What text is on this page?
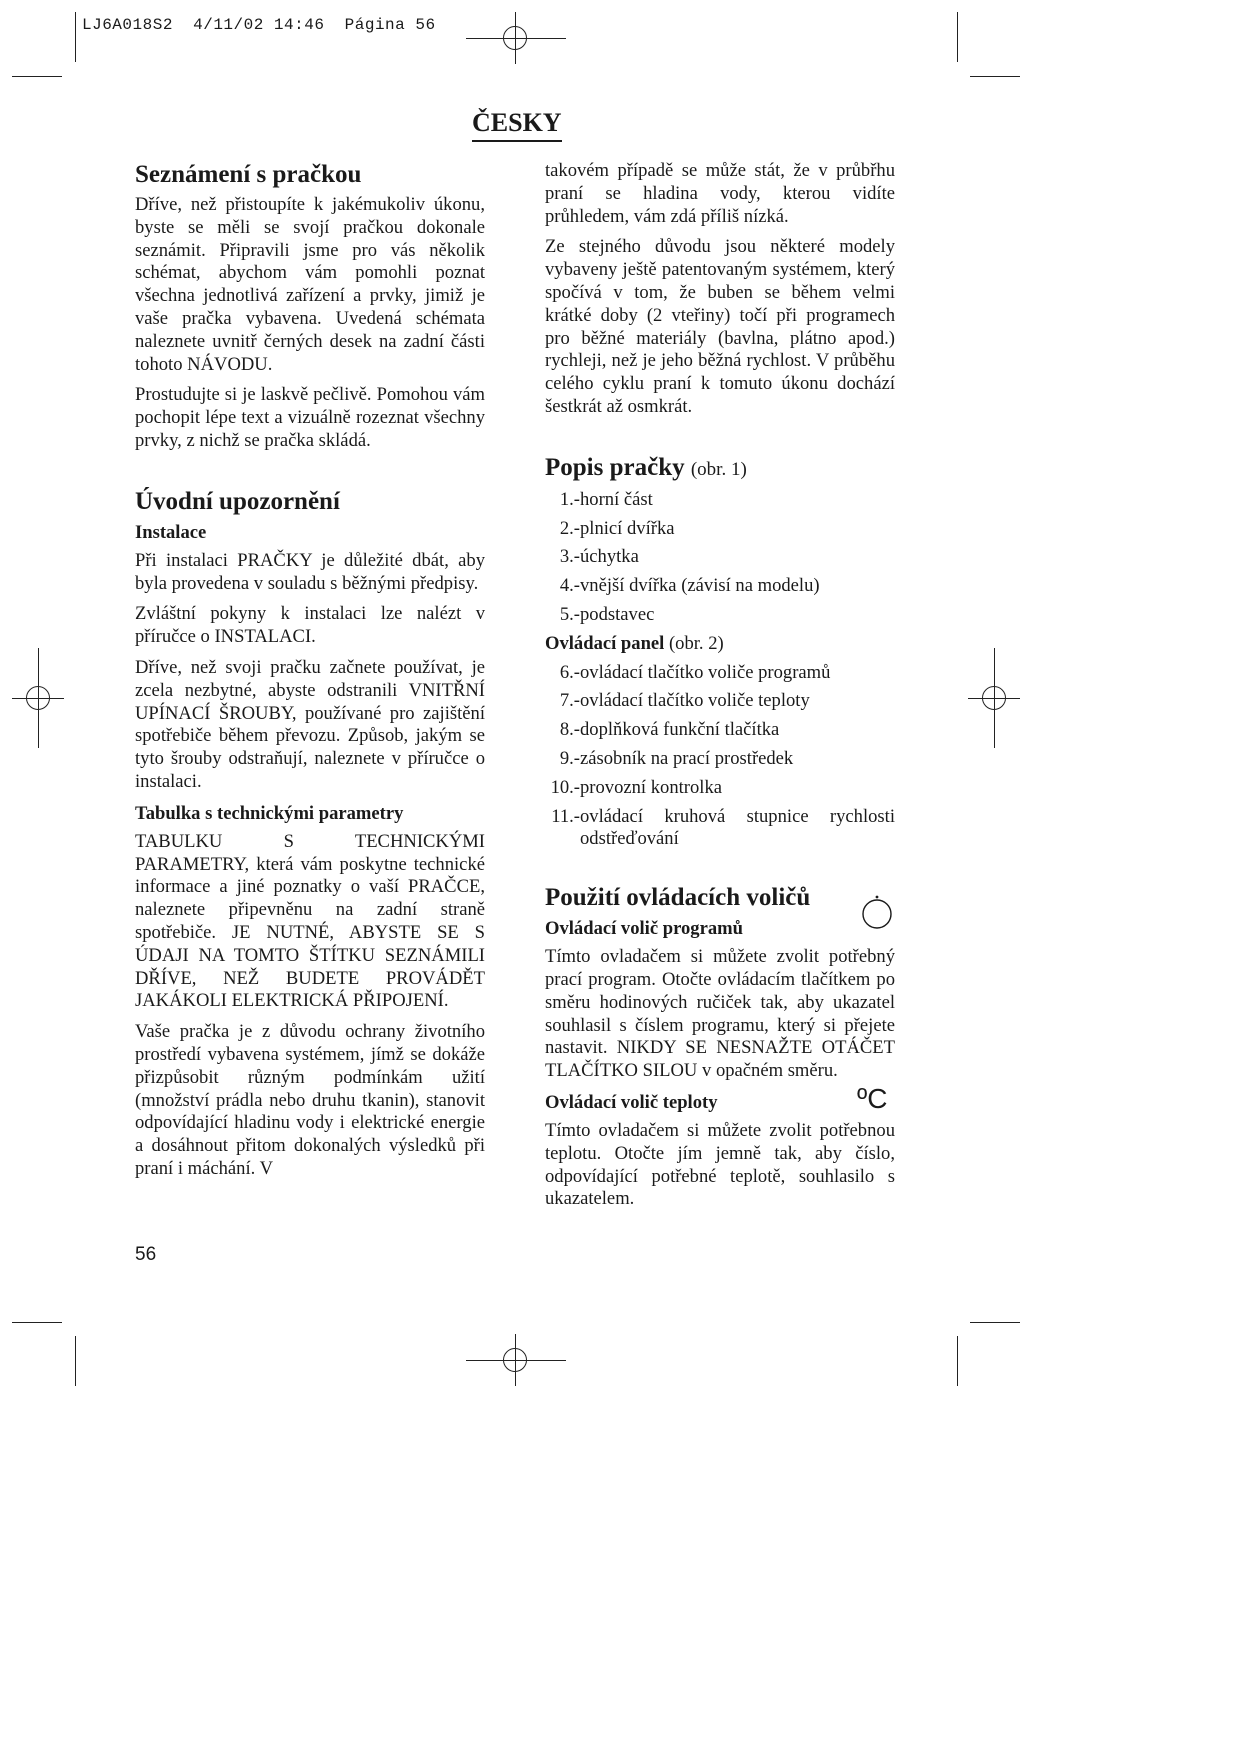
LJ6A018S2  4/11/02 14:46  Página 56
ČESKY
Seznámení s pračkou

Dříve, než přistoupíte k jakémukoliv úkonu, byste se měli se svojí pračkou dokonale seznámit. Připravili jsme pro vás několik schémat, abychom vám pomohli poznat všechna jednotlivá zařízení a prvky, jimiž je vaše pračka vybavena. Uvedená schémata naleznete uvnitř černých desek na zadní části tohoto NÁVODU.

Prostudujte si je laskvě pečlivě. Pomohou vám pochopit lépe text a vizuálně rozeznat všechny prvky, z nichž se pračka skládá.

Úvodní upozornění
Instalace

Při instalaci PRAČKY je důležité dbát, aby byla provedena v souladu s běžnými předpisy.

Zvláštní pokyny k instalaci lze nalézt v příručce o INSTALACI.

Dříve, než svoji pračku začnete používat, je zcela nezbytné, abyste odstranili VNITŘNÍ UPÍNACÍ ŠROUBY, používané pro zajištění spotřebiče během převozu. Způsob, jakým se tyto šrouby odstraňují, naleznete v příručce o instalaci.

Tabulka s technickými parametry

TABULKU S TECHNICKÝMI PARAMETRY, která vám poskytne technické informace a jiné poznatky o vaší PRAČCE, naleznete připevněnu na zadní straně spotřebiče. JE NUTNÉ, ABYSTE SE S ÚDAJI NA TOMTO ŠTÍTKU SEZNÁMILI DŘÍVE, NEŽ BUDETE PROVÁDĚT JAKÁKOLI ELEKTRICKÁ PŘIPOJENÍ.

Vaše pračka je z důvodu ochrany životního prostředí vybavena systémem, jímž se dokáže přizpůsobit různým podmínkám užití (množství prádla nebo druhu tkanin), stanovit odpovídající hladinu vody i elektrické energie a dosáhnout přitom dokonalých výsledků při praní i máchání. V

takovém případě se může stát, že v průbřhu praní se hladina vody, kterou vidíte průhledem, vám zdá příliš nízká.

Ze stejného důvodu jsou některé modely vybaveny ještě patentovaným systémem, který spočívá v tom, že buben se během velmi krátké doby (2 vteřiny) točí při programech pro běžné materiály (bavlna, plátno apod.) rychleji, než je jeho běžná rychlost. V průběhu celého cyklu praní k tomuto úkonu dochází šestkrát až osmkrát.

Popis pračky (obr. 1)
1.- horní část
2.- plnicí dvířka
3.- úchytka
4.- vnější dvířka (závisí na modelu)
5.- podstavec
Ovládací panel (obr. 2)
6.- ovládací tlačítko voliče programů
7.- ovládací tlačítko voliče teploty
8.- doplňková funkční tlačítka
9.- zásobník na prací prostředek
10.- provozní kontrolka
11.- ovládací kruhová stupnice rychlosti odstřeďování
Použití ovládacích voličů
Ovládací volič programů

Tímto ovladačem si můžete zvolit potřebný prací program. Otočte ovládacím tlačítkem po směru hodinových ručiček tak, aby ukazatel souhlasil s číslem programu, který si přejete nastavit. NIKDY SE NESNAŽTE OTÁČET TLAČÍTKO SILOU v opačném směru.

Ovládací volič teploty	ºC

Tímto ovladačem si můžete zvolit potřebnou teplotu. Otočte jím jemně tak, aby číslo, odpovídající potřebné teplotě, souhlasilo s ukazatelem.

56
